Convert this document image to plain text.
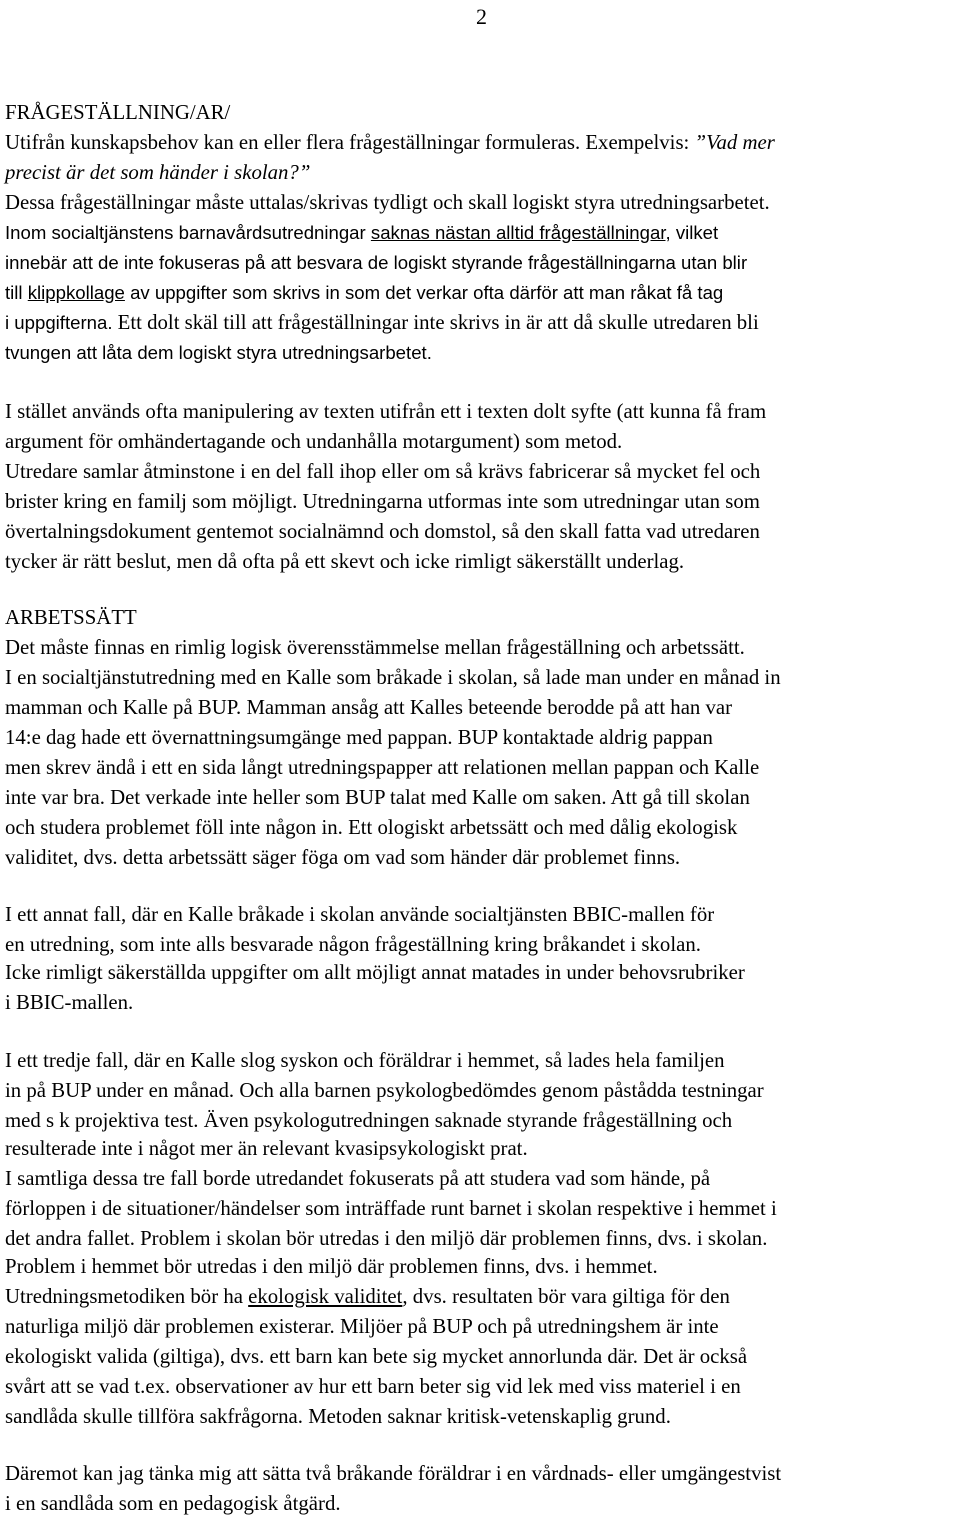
2
FRÅGESTÄLLNING/AR/
Utifrån kunskapsbehov kan en eller flera frågeställningar formuleras. Exempelvis: ”Vad mer
precist är det som händer i skolan?”
Dessa frågeställningar måste uttalas/skrivas tydligt och skall logiskt styra utredningsarbetet.
Inom socialtjänstens barnavårdsutredningar saknas nästan alltid frågeställningar, vilket
innebär att de inte fokuseras på att besvara de logiskt styrande frågeställningarna utan blir
till klippkollage av uppgifter som skrivs in som det verkar ofta därför att man råkat få tag
i uppgifterna. Ett dolt skäl till att frågeställningar inte skrivs in är att då skulle utredaren bli
tvungen att låta dem logiskt styra utredningsarbetet.
I stället används ofta manipulering av texten utifrån ett i texten dolt syfte (att kunna få fram
argument för omhändertagande och undanhålla motargument) som metod.
Utredare samlar åtminstone i en del fall ihop eller om så krävs fabricerar så mycket fel och
brister kring en familj som möjligt. Utredningarna utformas inte som utredningar utan som
övertalningsdokument gentemot socialnämnd och domstol, så den skall fatta vad utredaren
tycker är rätt beslut, men då ofta på ett skevt och icke rimligt säkerställt underlag.
ARBETSSÄTT
Det måste finnas en rimlig logisk överensstämmelse mellan frågeställning och arbetssätt.
I en socialtjänstutredning med en Kalle som bråkade i skolan, så lade man under en månad in
mamman och Kalle på BUP. Mamman ansåg att Kalles beteende berodde på att han var
14:e dag hade ett övernattningsumgänge med pappan. BUP kontaktade aldrig pappan
men skrev ändå i ett en sida långt utredningspapper att relationen mellan pappan och Kalle
inte var bra. Det verkade inte heller som BUP talat med Kalle om saken. Att gå till skolan
och studera problemet föll inte någon in. Ett ologiskt arbetssätt och med dålig ekologisk
validitet, dvs. detta arbetssätt säger föga om vad som händer där problemet finns.
I ett annat fall, där en Kalle bråkade i skolan använde socialtjänsten BBIC-mallen för
en utredning, som inte alls besvarade någon frågeställning kring bråkandet i skolan.
Icke rimligt säkerställda uppgifter om allt möjligt annat matades in under behovsrubriker
i BBIC-mallen.
I ett tredje fall, där en Kalle slog syskon och föräldrar i hemmet, så lades hela familjen
in på BUP under en månad. Och alla barnen psykologbedömdes genom påstådda testningar
med s k projektiva test. Även psykologutredningen saknade styrande frågeställning och
resulterade inte i något mer än relevant kvasipsykologiskt prat.
I samtliga dessa tre fall borde utredandet fokuserats på att studera vad som hände, på
förloppen i de situationer/händelser som inträffade runt barnet i skolan respektive i hemmet i
det andra fallet. Problem i skolan bör utredas i den miljö där problemen finns, dvs. i skolan.
Problem i hemmet bör utredas i den miljö där problemen finns, dvs. i hemmet.
Utredningsmetodiken bör ha ekologisk validitet, dvs. resultaten bör vara giltiga för den
naturliga miljö där problemen existerar. Miljöer på BUP och på utredningshem är inte
ekologiskt valida (giltiga), dvs. ett barn kan bete sig mycket annorlunda där. Det är också
svårt att se vad t.ex. observationer av hur ett barn beter sig vid lek med viss materiel i en
sandlåda skulle tillföra sakfrågorna. Metoden saknar kritisk-vetenskaplig grund.
Däremot kan jag tänka mig att sätta två bråkande föräldrar i en vårdnads- eller umgängestvist
i en sandlåda som en pedagogisk åtgärd.
